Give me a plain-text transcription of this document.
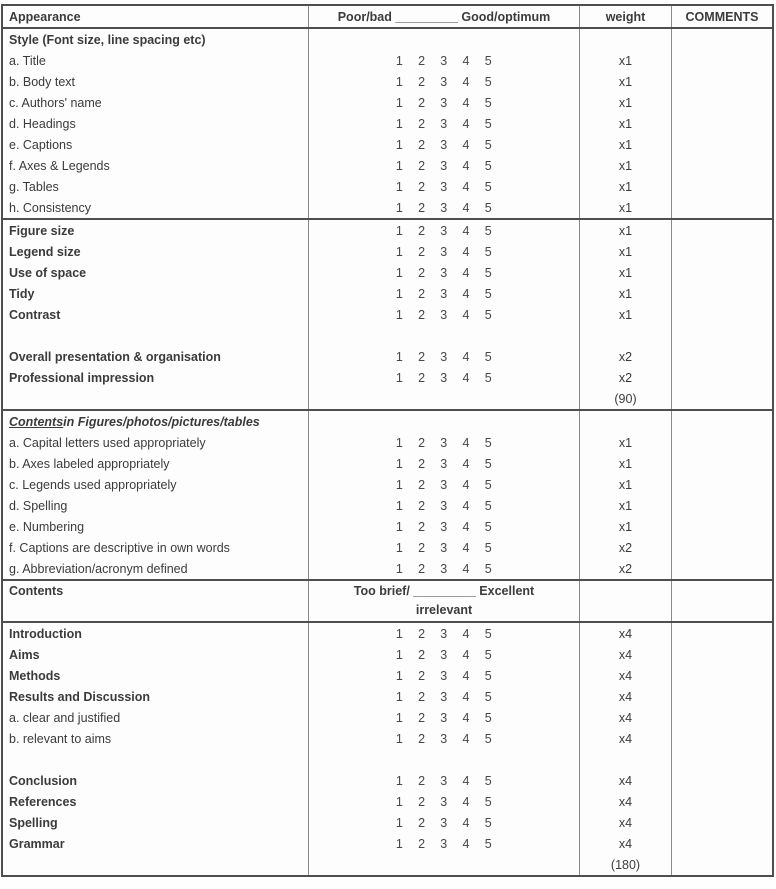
Appearance	Poor/bad _________ Good/optimum	weight	COMMENTS
Style (Font size, line spacing etc)
a. Title	1 2 3 4 5	x1
b. Body text	1 2 3 4 5	x1
c. Authors' name	1 2 3 4 5	x1
d. Headings	1 2 3 4 5	x1
e. Captions	1 2 3 4 5	x1
f. Axes & Legends	1 2 3 4 5	x1
g. Tables	1 2 3 4 5	x1
h. Consistency	1 2 3 4 5	x1
Figure size	1 2 3 4 5	x1
Legend size	1 2 3 4 5	x1
Use of space	1 2 3 4 5	x1
Tidy	1 2 3 4 5	x1
Contrast	1 2 3 4 5	x1
Overall presentation & organisation	1 2 3 4 5	x2
Professional impression	1 2 3 4 5	x2
(90)
Contents in Figures/photos/pictures/tables
a. Capital letters used appropriately	1 2 3 4 5	x1
b. Axes labeled appropriately	1 2 3 4 5	x1
c. Legends used appropriately	1 2 3 4 5	x1
d. Spelling	1 2 3 4 5	x1
e. Numbering	1 2 3 4 5	x1
f. Captions are descriptive in own words	1 2 3 4 5	x2
g. Abbreviation/acronym defined	1 2 3 4 5	x2
Contents	Too brief/ _________ Excellent
irrelevant
Introduction	1 2 3 4 5	x4
Aims	1 2 3 4 5	x4
Methods	1 2 3 4 5	x4
Results and Discussion	1 2 3 4 5	x4
a. clear and justified	1 2 3 4 5	x4
b. relevant to aims	1 2 3 4 5	x4
Conclusion	1 2 3 4 5	x4
References	1 2 3 4 5	x4
Spelling	1 2 3 4 5	x4
Grammar	1 2 3 4 5	x4
(180)
